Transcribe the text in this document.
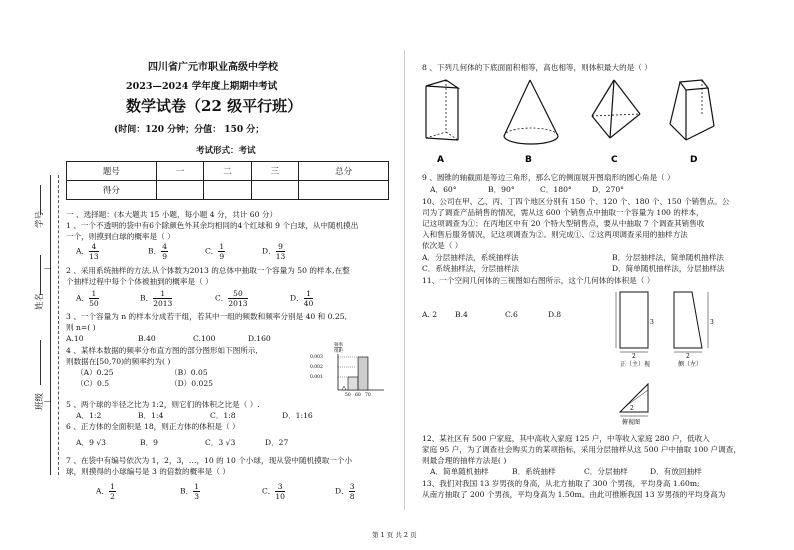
学号
姓名
班级
—
—
四川省广元市职业高级中学校
2023—2024 学年度上期期中考试
数学试卷（22 级平行班）
(时间：120 分钟；分值： 150 分；
考试形式：考试
题号	一	二	三	总分
得分				
一 、选择题：(本大题共 15 小题，每小题 4 分，共计 60 分）
1 、一个不透明的袋中有6个除颜色外其余均相同的4个红球和 9 个白球，从中随机摸出
一个，则摸到白球的概率是（ ）
A． $\frac{4}{13}$	B． $\frac{4}{9}$	C． $\frac{1}{9}$	D． $\frac{9}{13}$
2 、采用系统抽样的方法,从个体数为2013 的总体中抽取一个容量为 50 的样本,在整
个抽样过程中每个个体被抽到的概率是（ ）
A． $\frac{1}{50}$	B． $\frac{1}{2013}$	C． $\frac{50}{2013}$	D． $\frac{1}{40}$
3 、一个容量为 n 的样本分成若干组，若其中一组的频数和频率分别是 40 和 0.25,
则 n=( )
A.10	B.40	C.100	D.160
4 、某样本数据的频率分布直方图的部分图形如下图所示,
则数据在[50,70)的频率约为( )
（A）0.25	（B）0.05
（C）0.5	（D）0.025
频率
组距
0.003
0.002
0.001
50 60 70
5 、两个球的半径之比为 1:2，则它们的体积之比是（ ）.
A．1:2	B．1:4	C．1:8	D．1:16
6 、正方体的全面积是 18，则正方体的体积是（ ）
A．9 √3	B．9	C．3 √3	D．27
7 、在袋中有编号依次为 1，2，3，…，10 的 10 个小球，现从袋中随机摸取一个小
球，则摸得的小球编号是 3 的倍数的概率是（ ）
A． $\frac{1}{2}$	B． $\frac{1}{3}$	C． $\frac{3}{10}$	D． $\frac{3}{8}$
8 、下列几何体的下底面面积相等，高也相等，则体积最大的是（ ）
A	B	C	D
9 、圆锥的轴截面是等边三角形，那么它的侧面展开图扇形的圆心角是（ ）
A．60°	B．90°	C．180°	D．270°
10、公司在甲、乙、丙、丁四个地区分别有 150 个、120 个、180 个、150 个销售点。公
司为了调查产品销售的情况，需从这 600 个销售点中抽取一个容量为 100 的样本，
记这项调查为①；在丙地区中有 20 个特大型销售点，要从中抽取 7 个调查其销售收
入和售后服务情况，记这项调查为②。则完成①、②这两项调查采用的抽样方法
依次是（ ）
A．分层抽样法，系统抽样法	B．分层抽样法，简单随机抽样法
C．系统抽样法，分层抽样法	D．简单随机抽样法，分层抽样法
11、一个空间几何体的三视图如右图所示，这个几何体的体积是（ ）
A. 2 B.4	C.6	D.8
3
2
正（主）视
3
2
侧（左）
2
俯视图
12、某社区有 500 户家庭，其中高收入家庭 125 户，中等收入家庭 280 户，低收入
家庭 95 户，为了调查社会购买力的某项指标，采用分层抽样从这 500 户中抽取 100 户调查，
则最合理的抽样方法是( )
A．简单随机抽样	B．系统抽样	C．分层抽样	D．有放回抽样
13、我们对我国 13 岁男孩的身高，从北方抽取了 300 个男孩，平均身高 1.60m;
从南方抽取了 200 个男孩，平均身高为 1.50m。由此可推断我国 13 岁男孩的平均身高为
第 1 页 共 2 页
